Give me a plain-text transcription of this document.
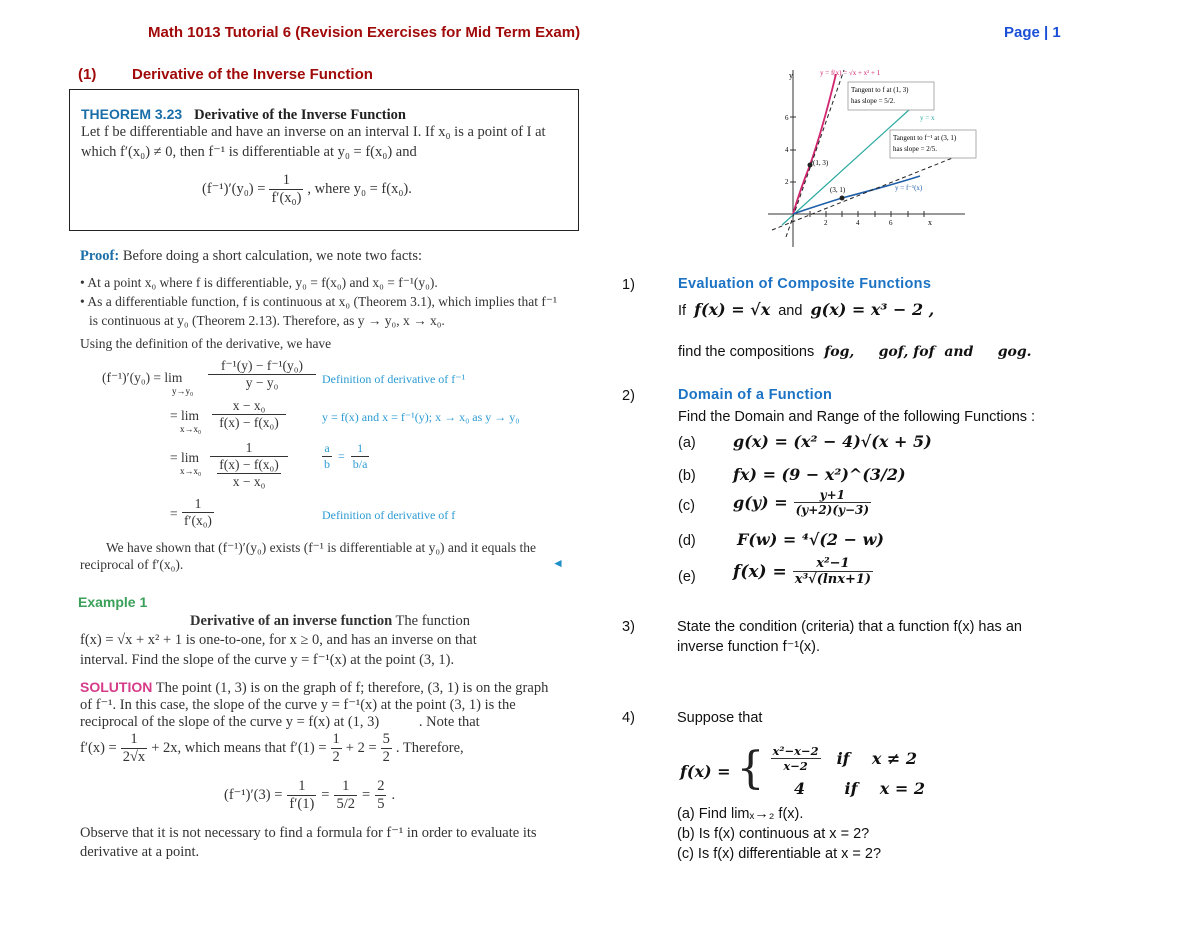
Math 1013 Tutorial 6 (Revision Exercises for Mid Term Exam)	Page | 1
(1) Derivative of the Inverse Function
THEOREM 3.23 Derivative of the Inverse Function
Let f be differentiable and have an inverse on an interval I. If x₀ is a point of I at
which f′(x₀) ≠ 0, then f⁻¹ is differentiable at y₀ = f(x₀) and
$(f^{-1})'(y_0) = \frac{1}{\text{f′(x₀)}}$ , where y₀ = f(x₀).
Proof: Before doing a short calculation, we note two facts:
• At a point x₀ where f is differentiable, y₀ = f(x₀) and x₀ = f⁻¹(y₀).
• As a differentiable function, f is continuous at x₀ (Theorem 3.1), which implies that f⁻¹
is continuous at y₀ (Theorem 2.13). Therefore, as y → y₀, x → x₀.
Using the definition of the derivative, we have
(f⁻¹)′(y₀) = lim
$y\to y_0 \frac{\text{f⁻¹(y) − f⁻¹(y₀)}}{\text{y − y₀}}$ Definition of derivative of f⁻¹
= lim
$x\to x_0 \frac{\text{x − x₀}}{\text{f(x) − f(x₀)}}$	y = f(x) and x = f⁻¹(y); x → x₀ as y → y₀
= lim
$x\to x_0 \frac{1}{\frac{\text{f(x) − f(x₀)}}{\text{x − x₀}}}$	$\frac{a}{b} = \frac{1}{b/a}$
= $\frac{1}{\text{f′(x₀)}}$	Definition of derivative of f
We have shown that (f⁻¹)′(y₀) exists (f⁻¹ is differentiable at y₀) and it equals the
reciprocal of f′(x₀).	◄
Example 1
Derivative of an inverse function The function
f(x) = √x + x² + 1 is one-to-one, for x ≥ 0, and has an inverse on that
interval. Find the slope of the curve y = f⁻¹(x) at the point (3, 1).
SOLUTION The point (1, 3) is on the graph of f; therefore, (3, 1) is on the graph
of f⁻¹. In this case, the slope of the curve y = f⁻¹(x) at the point (3, 1) is the
reciprocal of the slope of the curve y = f(x) at (1, 3)	. Note that
$f'(x) = \frac{1}{2√x} + 2x$, which means that $f'(1) = \frac{1}{2} + 2 = \frac{5}{2}$ . Therefore,
$(f^{-1})'(3) = \frac{1}{f'(1)} = \frac{1}{5/2} = \frac{2}{5}$ .
Observe that it is not necessary to find a formula for f⁻¹ in order to evaluate its
derivative at a point.
y
x
6
4
2
2	4	6
y = x
(1, 3)
(3, 1)
y = f(x) = √x + x² + 1
Tangent to f at (1, 3)
has slope = 5/2.
Tangent to f⁻¹ at (3, 1)
has slope = 2/5.
y = f⁻¹(x)
1)	Evaluation of Composite Functions
If f(x) = √x and g(x) = x³ − 2 ,
find the compositions fog,     gof, fof  and     gog.
2)	Domain of a Function
Find the Domain and Range of the following Functions :
(a) g(x) = (x² − 4)√(x + 5)
(b) fx) = (9 − x²)^(3/2)
(c) $g(y) = \frac{y+1}{(y+2)(y-3)}$
(d)	F(w) = ⁴√(2 − w)
(e) $f(x) = \frac{\text{x²−1}}{\text{x³√(lnx+1)}}$
3)	State the condition (criteria) that a function f(x) has an
inverse function f⁻¹(x).
4)	Suppose that
f(x) = { $\frac{\text{x²−x−2}}{x-2}$ if    x ≠ 2
4	if    x = 2
(a) Find limₓ→₂ f(x).
(b) Is f(x) continuous at x = 2?
(c) Is f(x) differentiable at x = 2?
